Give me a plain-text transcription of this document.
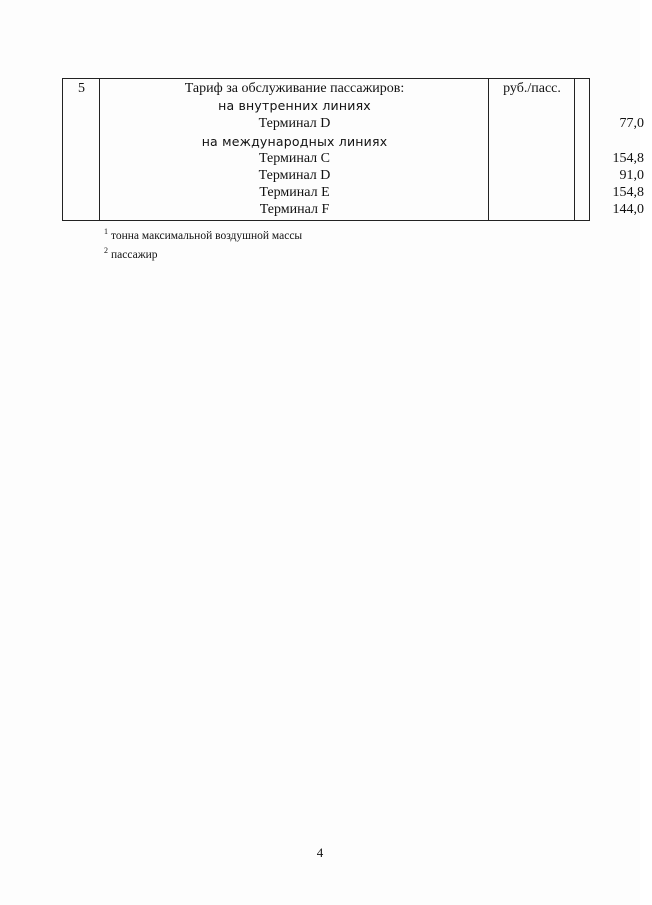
5	руб./пасс.
Тариф за обслуживание пассажиров:
на внутренних линиях
Терминал D
на международных линиях
Терминал C
Терминал D
Терминал E
Терминал F
77,0
154,8
91,0
154,8
144,0
$^1$ тонна максимальной воздушной массы
$^2$ пассажир
4
